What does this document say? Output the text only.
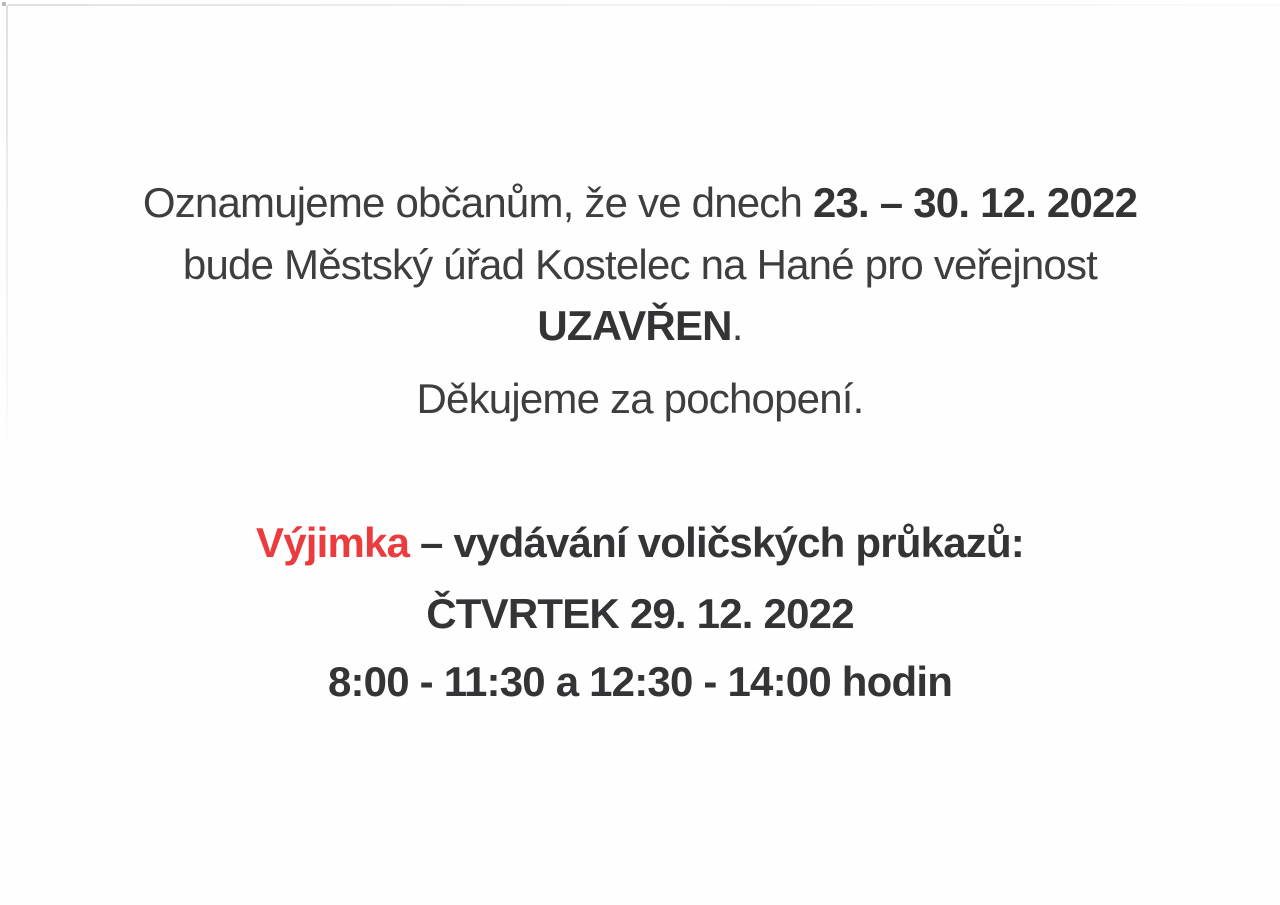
Oznamujeme občanům, že ve dnech 23. – 30. 12. 2022
bude Městský úřad Kostelec na Hané pro veřejnost
UZAVŘEN.
Děkujeme za pochopení.
Výjimka – vydávání voličských průkazů:
ČTVRTEK 29. 12. 2022
8:00 - 11:30 a 12:30 - 14:00 hodin
